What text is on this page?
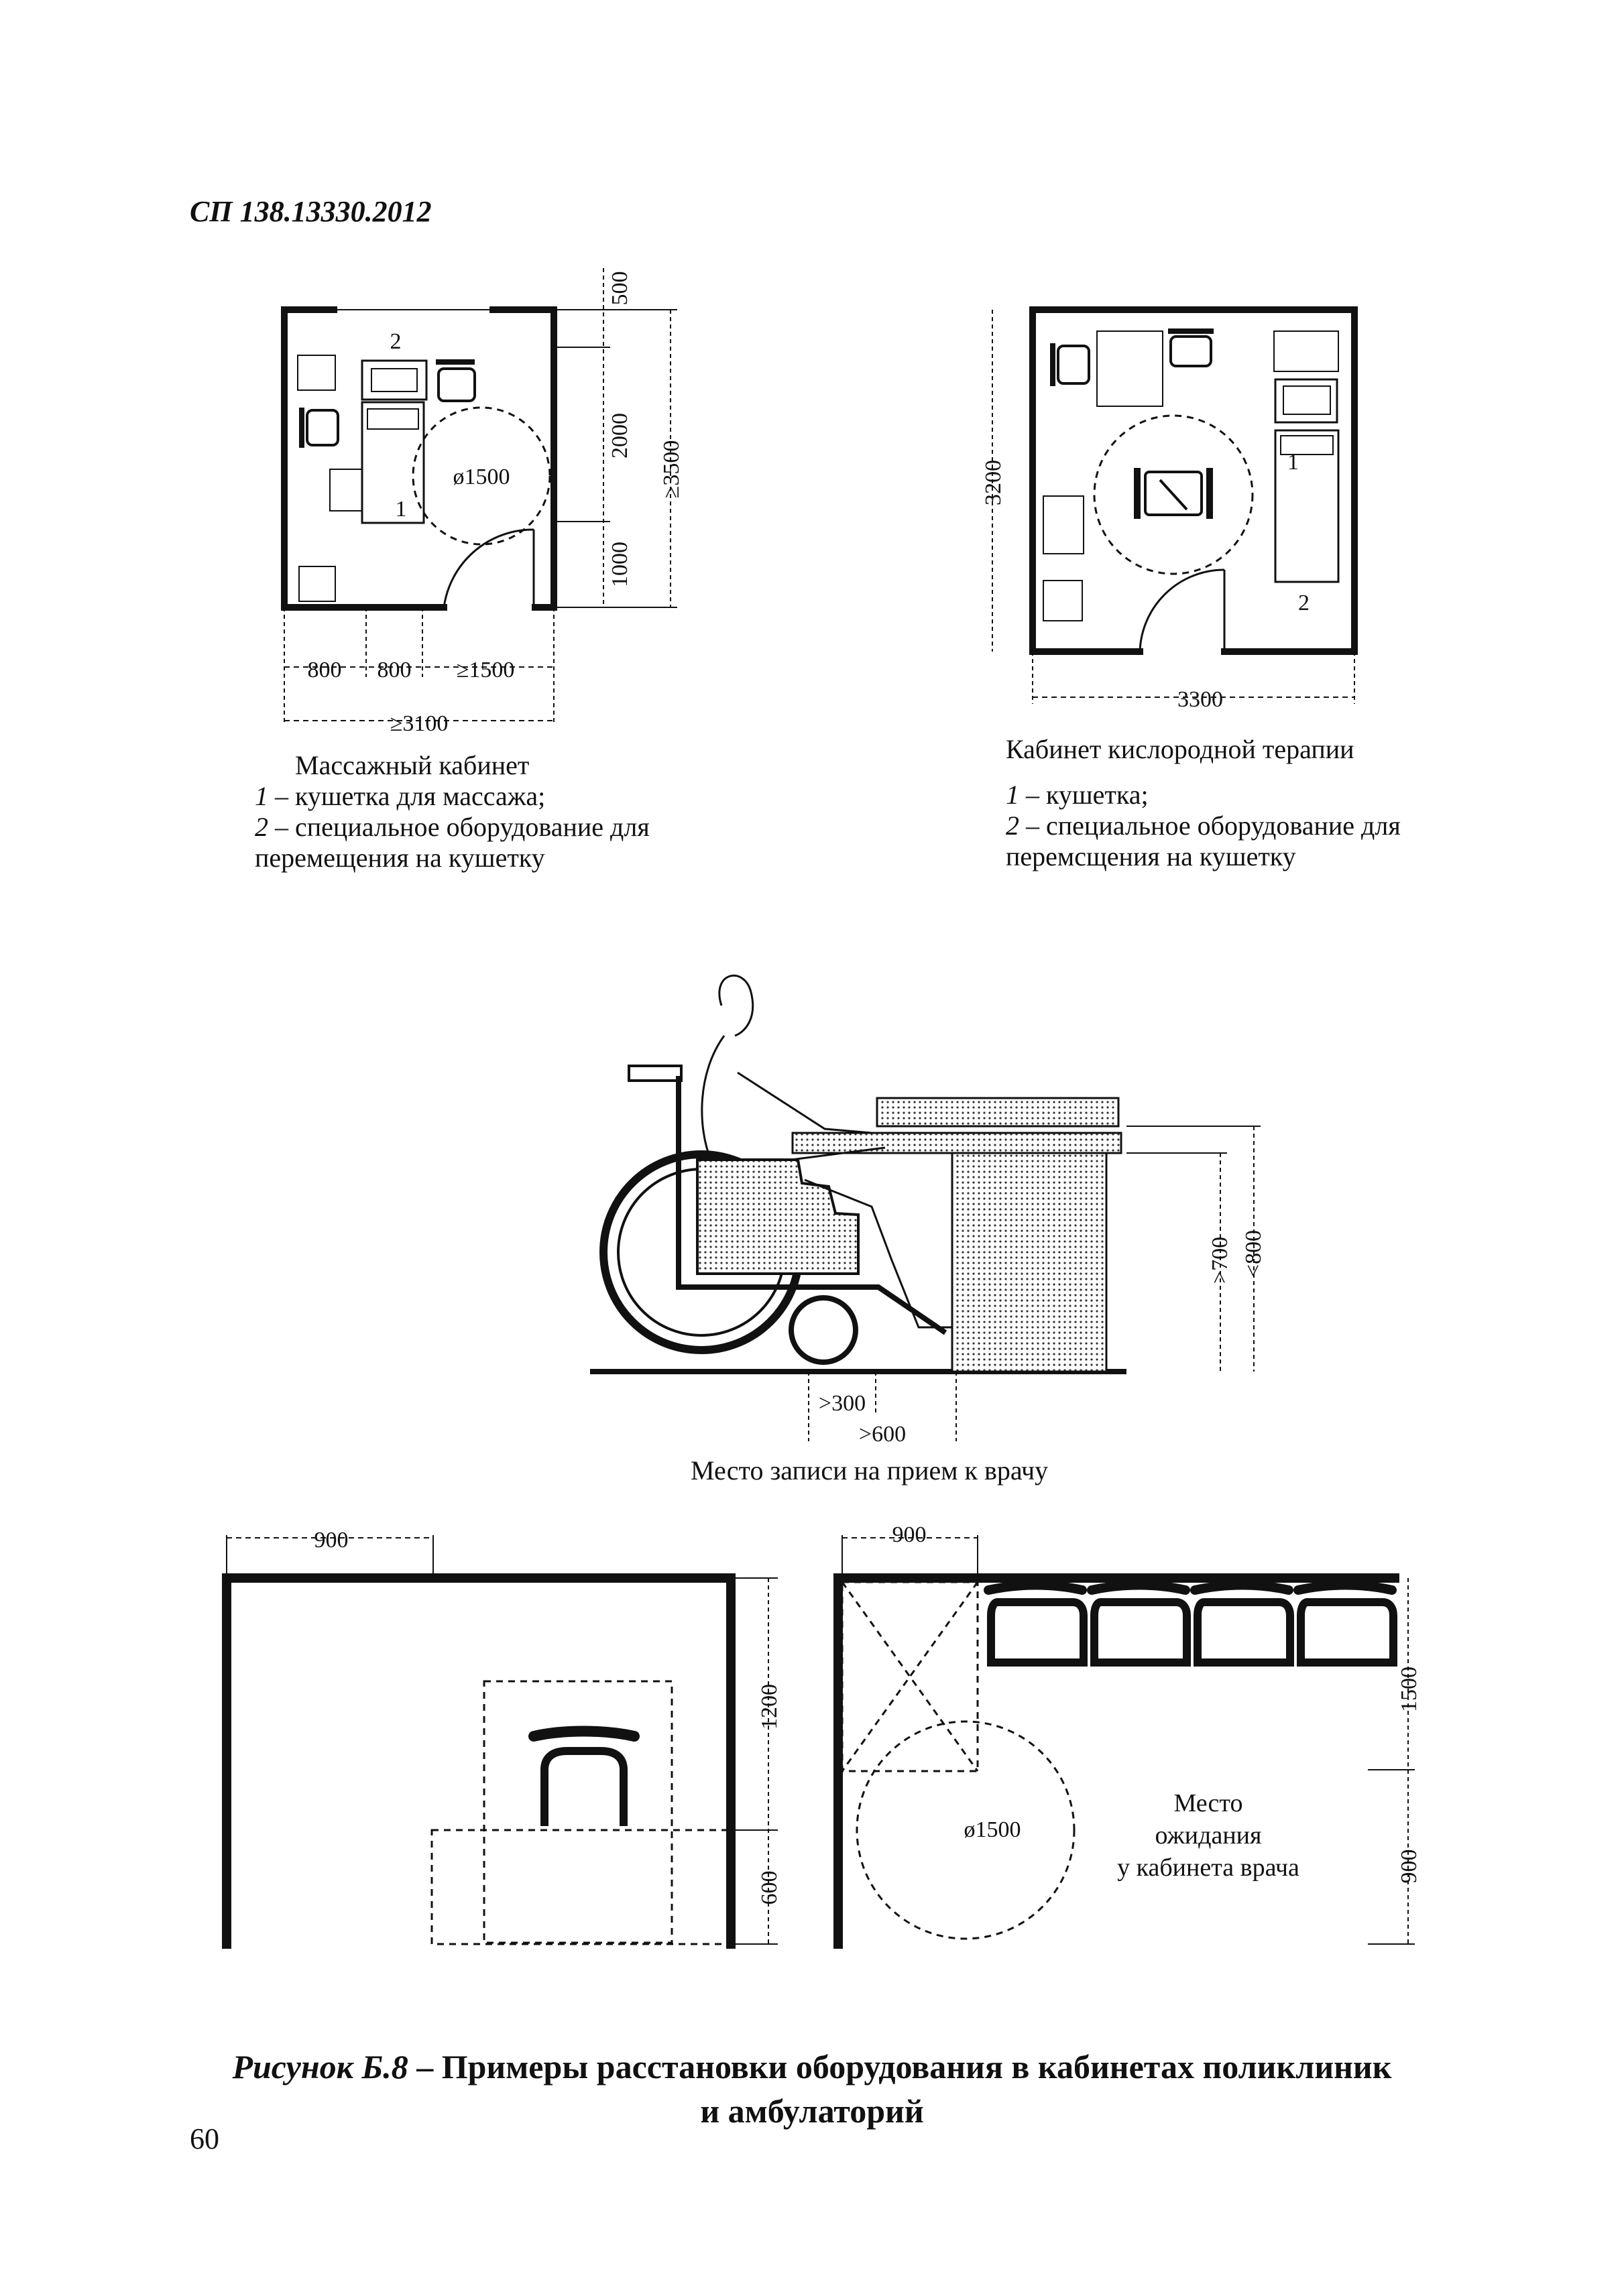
СП 138.13330.2012
ø1500
1
2
500
2000
1000
≥3500
800 800 ≥1500
≥3100
1
2
3200
3300
>700 <800
>300
>600
900
1200
600
ø1500
900
1500
900
Место
ожидания
у кабинета врача
Массажный кабинет
1 – кушетка для массажа;
2 – специальное оборудование для
перемещения на кушетку
Кабинет кислородной терапии
1 – кушетка;
2 – специальное оборудование для
перемсщения на кушетку
Место записи на прием к врачу
Рисунок Б.8 – Примеры расстановки оборудования в кабинетах поликлиник
и амбулаторий
60
